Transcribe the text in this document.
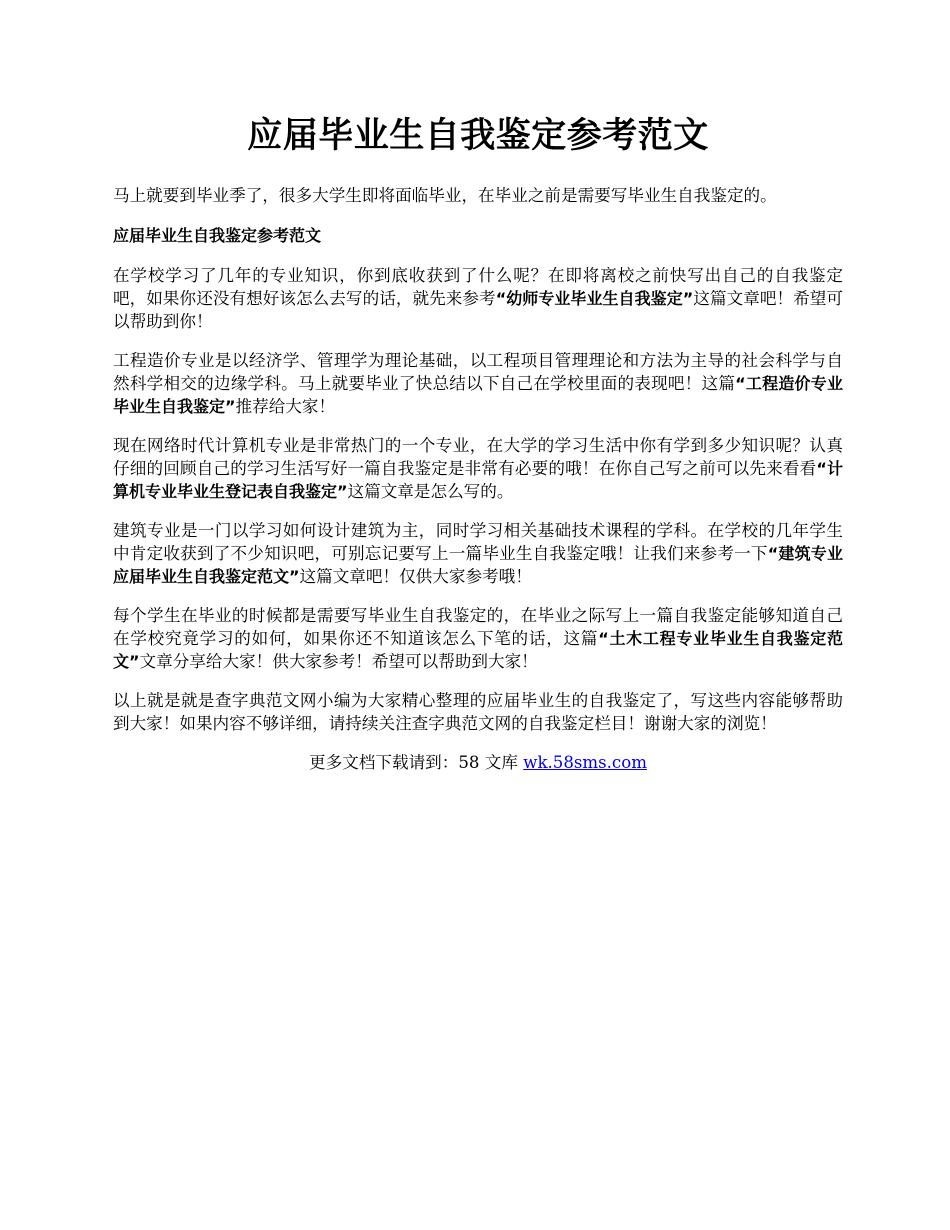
应届毕业生自我鉴定参考范文

马上就要到毕业季了，很多大学生即将面临毕业，在毕业之前是需要写毕业生自我鉴定的。

应届毕业生自我鉴定参考范文

在学校学习了几年的专业知识，你到底收获到了什么呢？在即将离校之前快写出自己的自我鉴定吧，如果你还没有想好该怎么去写的话，就先来参考“幼师专业毕业生自我鉴定”这篇文章吧！希望可以帮助到你！

工程造价专业是以经济学、管理学为理论基础，以工程项目管理理论和方法为主导的社会科学与自然科学相交的边缘学科。马上就要毕业了快总结以下自己在学校里面的表现吧！这篇“工程造价专业毕业生自我鉴定”推荐给大家！

现在网络时代计算机专业是非常热门的一个专业，在大学的学习生活中你有学到多少知识呢？认真仔细的回顾自己的学习生活写好一篇自我鉴定是非常有必要的哦！在你自己写之前可以先来看看“计算机专业毕业生登记表自我鉴定”这篇文章是怎么写的。

建筑专业是一门以学习如何设计建筑为主，同时学习相关基础技术课程的学科。在学校的几年学生中肯定收获到了不少知识吧，可别忘记要写上一篇毕业生自我鉴定哦！让我们来参考一下“建筑专业应届毕业生自我鉴定范文”这篇文章吧！仅供大家参考哦！

每个学生在毕业的时候都是需要写毕业生自我鉴定的，在毕业之际写上一篇自我鉴定能够知道自己在学校究竟学习的如何，如果你还不知道该怎么下笔的话，这篇“土木工程专业毕业生自我鉴定范文”文章分享给大家！供大家参考！希望可以帮助到大家！

以上就是就是查字典范文网小编为大家精心整理的应届毕业生的自我鉴定了，写这些内容能够帮助到大家！如果内容不够详细，请持续关注查字典范文网的自我鉴定栏目！谢谢大家的浏览！

更多文档下载请到：58 文库 wk.58sms.com
